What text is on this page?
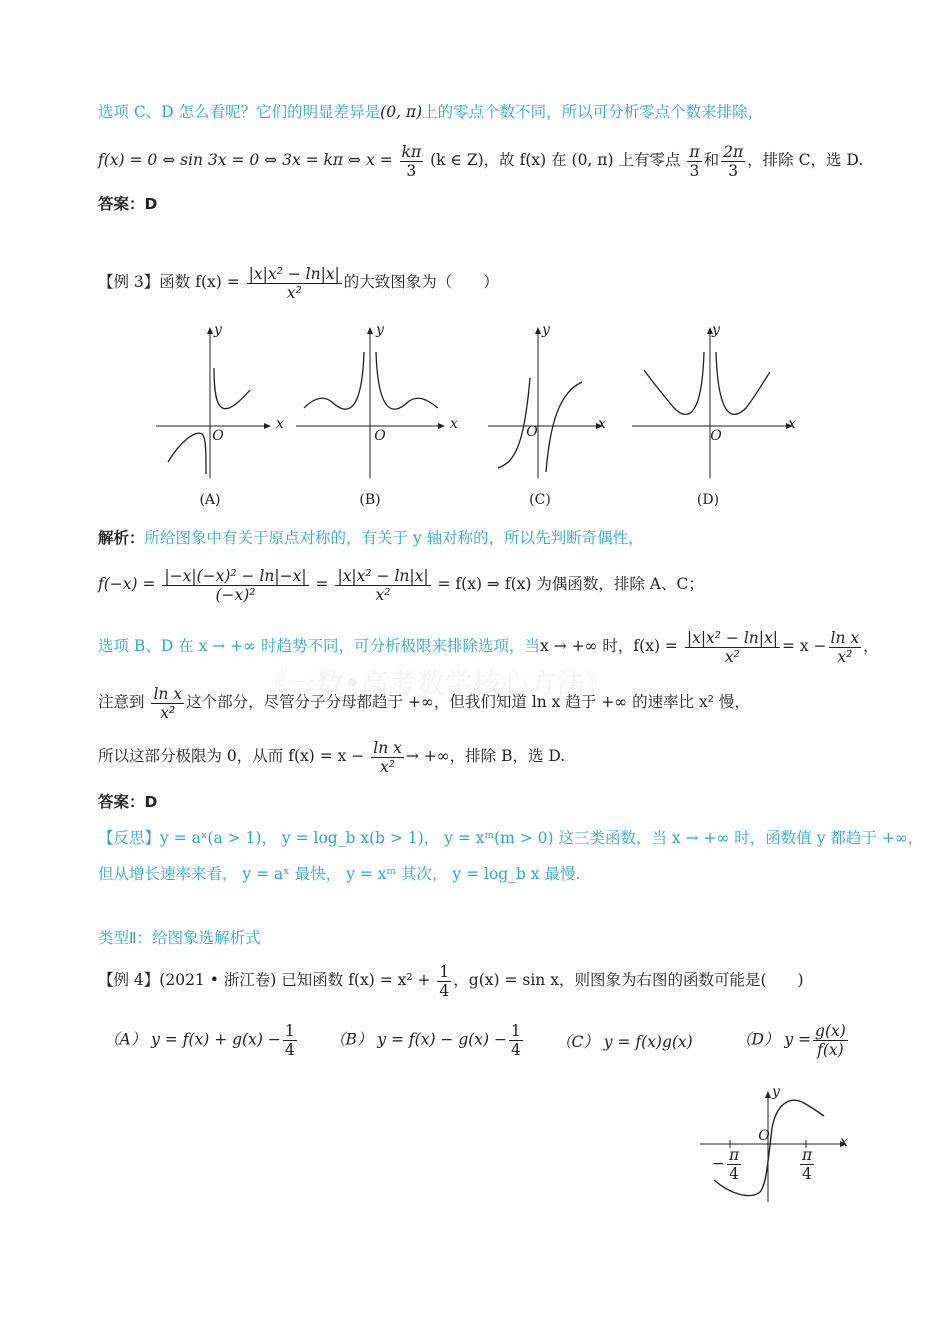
选项 C、D 怎么看呢？它们的明显差异是(0, π)上的零点个数不同，所以可分析零点个数来排除，
f(x) = 0 ⇔ sin 3x = 0 ⇔ 3x = kπ ⇔ $x = \frac{k\pi}{3} (k$ ∈ Z)，故 f(x) 在 (0, π) 上有零点 $\frac{\pi}{3}$ 和 $\frac{2\pi}{3}$ ，排除 C，选 D.
答案：D
【例 3】函数 $f(x) = \frac{\text{|x|x² − ln|x|}}{\text{x²}}$ 的大致图象为（　　）
x
y
O
(A)
x
y
O
(B)
x
y
O
(C)
x
y
O
(D)
解析：所给图象中有关于原点对称的，有关于 y 轴对称的，所以先判断奇偶性，
$f(-x) = \frac{\text{|−x|(−x)² − ln|−x|}}{\text{(−x)²}} = \frac{\text{|x|x² − ln|x|}}{\text{x²}} = f(x)$ ⇒ f(x) 为偶函数，排除 A、C；
选项 B、D 在 x → +∞ 时趋势不同，可分析极限来排除选项，当x → +∞ 时，$f(x) = \frac{\text{|x|x² − ln|x|}}{\text{x²}} = x - \frac{\text{ln x}}{\text{x²}}$ ，
《一数•高考数学核心方法》
注意到 $\frac{\text{ln x}}{\text{x²}}$ 这个部分，尽管分子分母都趋于 +∞，但我们知道 ln x 趋于 +∞ 的速率比 x² 慢，
所以这部分极限为 0，从而 $f(x) = x - \frac{\text{ln x}}{\text{x²}}$ → +∞，排除 B，选 D.
答案：D
【反思】y = aˣ(a > 1)， y = log_b x(b > 1)， y = xᵐ(m > 0) 这三类函数，当 x → +∞ 时，函数值 y 都趋于 +∞，
但从增长速率来看， y = aˣ 最快， y = xᵐ 其次， y = log_b x 最慢.
类型Ⅱ：给图象选解析式
【例 4】(2021 • 浙江卷) 已知函数 $f(x) = x^2 + \frac{1}{4}$ ，g(x) = sin x，则图象为右图的函数可能是(　　)
（A） $y = f(x) + g(x) - \frac{1}{4} (B) y = f(x) - g(x) - \frac{1}{4} (C) y = f(x)g(x)$	（D） $y = \frac{g(x)}{f(x)}$
x
y
O
− $\frac{\pi}{4}$	$\frac{\pi}{4}$
